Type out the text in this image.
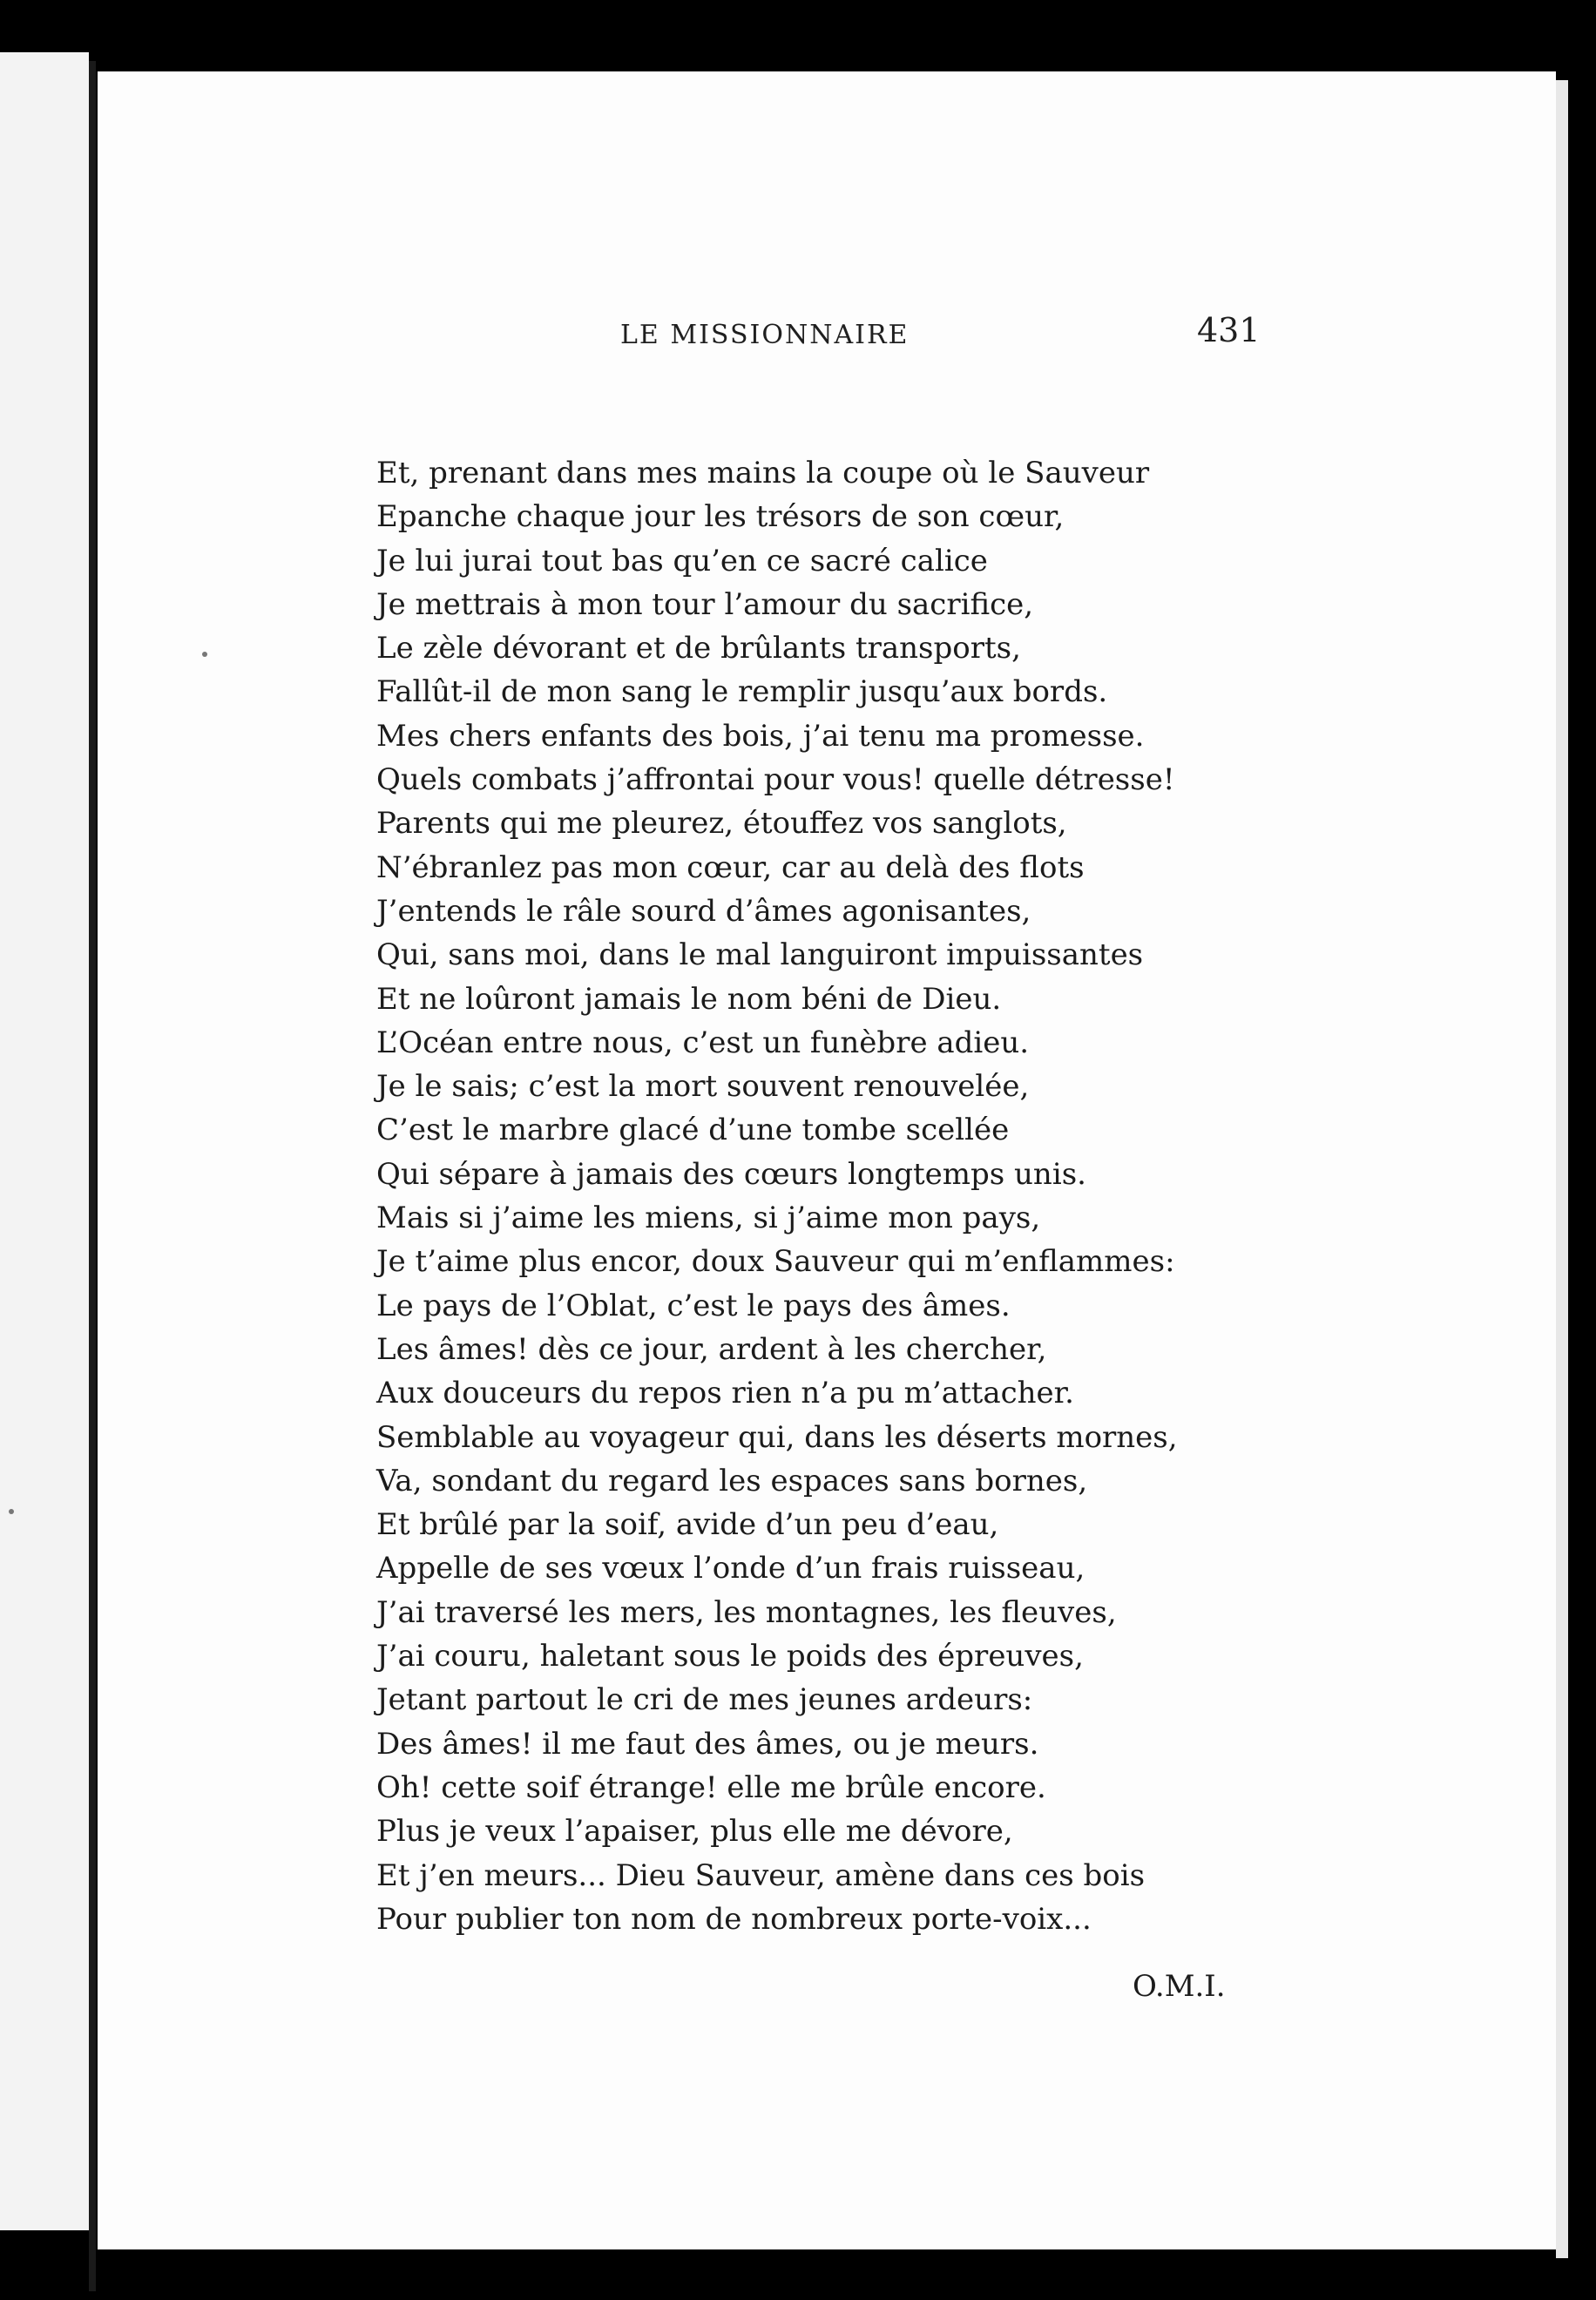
LE MISSIONNAIRE	431
Et, prenant dans mes mains la coupe où le Sauveur
Epanche chaque jour les trésors de son cœur,
Je lui jurai tout bas qu’en ce sacré calice
Je mettrais à mon tour l’amour du sacrifice,
Le zèle dévorant et de brûlants transports,
Fallût-il de mon sang le remplir jusqu’aux bords.
Mes chers enfants des bois, j’ai tenu ma promesse.
Quels combats j’affrontai pour vous! quelle détresse!
Parents qui me pleurez, étouffez vos sanglots,
N’ébranlez pas mon cœur, car au delà des flots
J’entends le râle sourd d’âmes agonisantes,
Qui, sans moi, dans le mal languiront impuissantes
Et ne loûront jamais le nom béni de Dieu.
L’Océan entre nous, c’est un funèbre adieu.
Je le sais; c’est la mort souvent renouvelée,
C’est le marbre glacé d’une tombe scellée
Qui sépare à jamais des cœurs longtemps unis.
Mais si j’aime les miens, si j’aime mon pays,
Je t’aime plus encor, doux Sauveur qui m’enflammes:
Le pays de l’Oblat, c’est le pays des âmes.
Les âmes! dès ce jour, ardent à les chercher,
Aux douceurs du repos rien n’a pu m’attacher.
Semblable au voyageur qui, dans les déserts mornes,
Va, sondant du regard les espaces sans bornes,
Et brûlé par la soif, avide d’un peu d’eau,
Appelle de ses vœux l’onde d’un frais ruisseau,
J’ai traversé les mers, les montagnes, les fleuves,
J’ai couru, haletant sous le poids des épreuves,
Jetant partout le cri de mes jeunes ardeurs:
Des âmes! il me faut des âmes, ou je meurs.
Oh! cette soif étrange! elle me brûle encore.
Plus je veux l’apaiser, plus elle me dévore,
Et j’en meurs... Dieu Sauveur, amène dans ces bois
Pour publier ton nom de nombreux porte-voix...
O.M.I.
